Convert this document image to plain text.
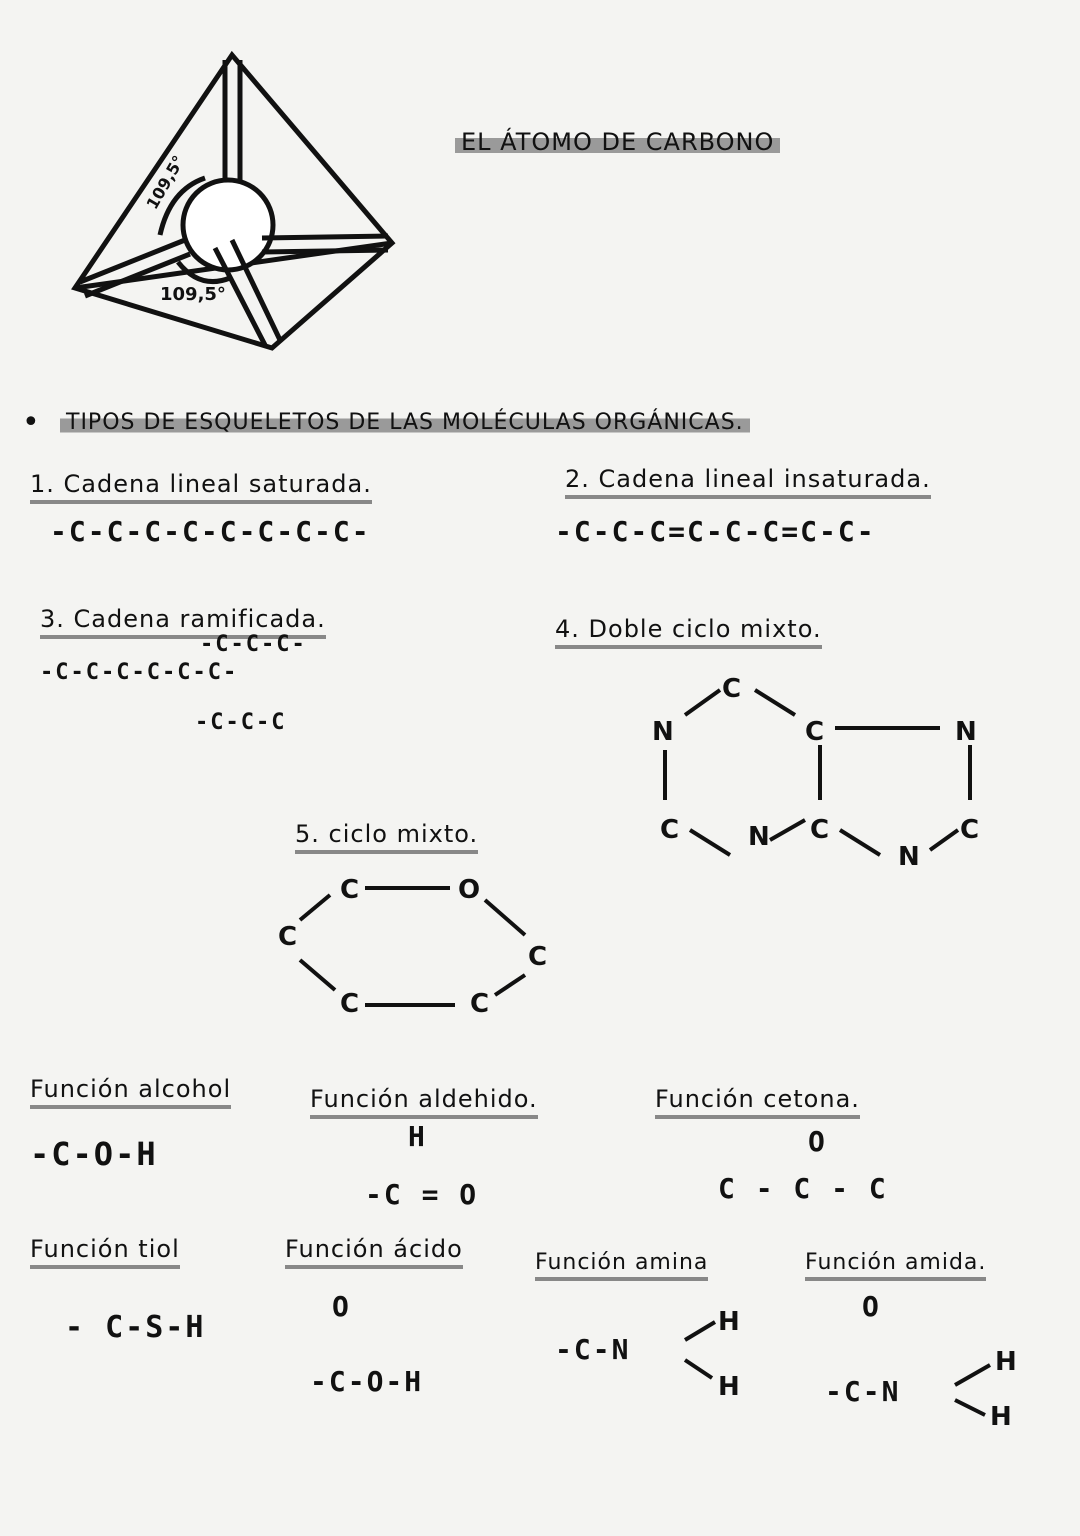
109,5°
109,5°
C
N	C	N
C	C
N
N
C
C	O
C
C
C
C
H
H
H
H
EL ÁTOMO DE CARBONO
TIPOS DE ESQUELETOS DE LAS MOLÉCULAS ORGÁNICAS.
•
1. Cadena lineal saturada.
-C-C-C-C-C-C-C-C-
2. Cadena lineal insaturada.
-C-C-C=C-C-C=C-C-
3. Cadena ramificada.
-C-C-C-
-C-C-C-C-C-C-
-C-C-C
4. Doble ciclo mixto.
5. ciclo mixto.
Función alcohol
-C-O-H
Función aldehido.
H
-C = O
Función cetona.
O
C - C - C
Función tiol
- C-S-H
Función ácido
O
-C-O-H
Función amina
-C-N
Función amida.
O
-C-N
